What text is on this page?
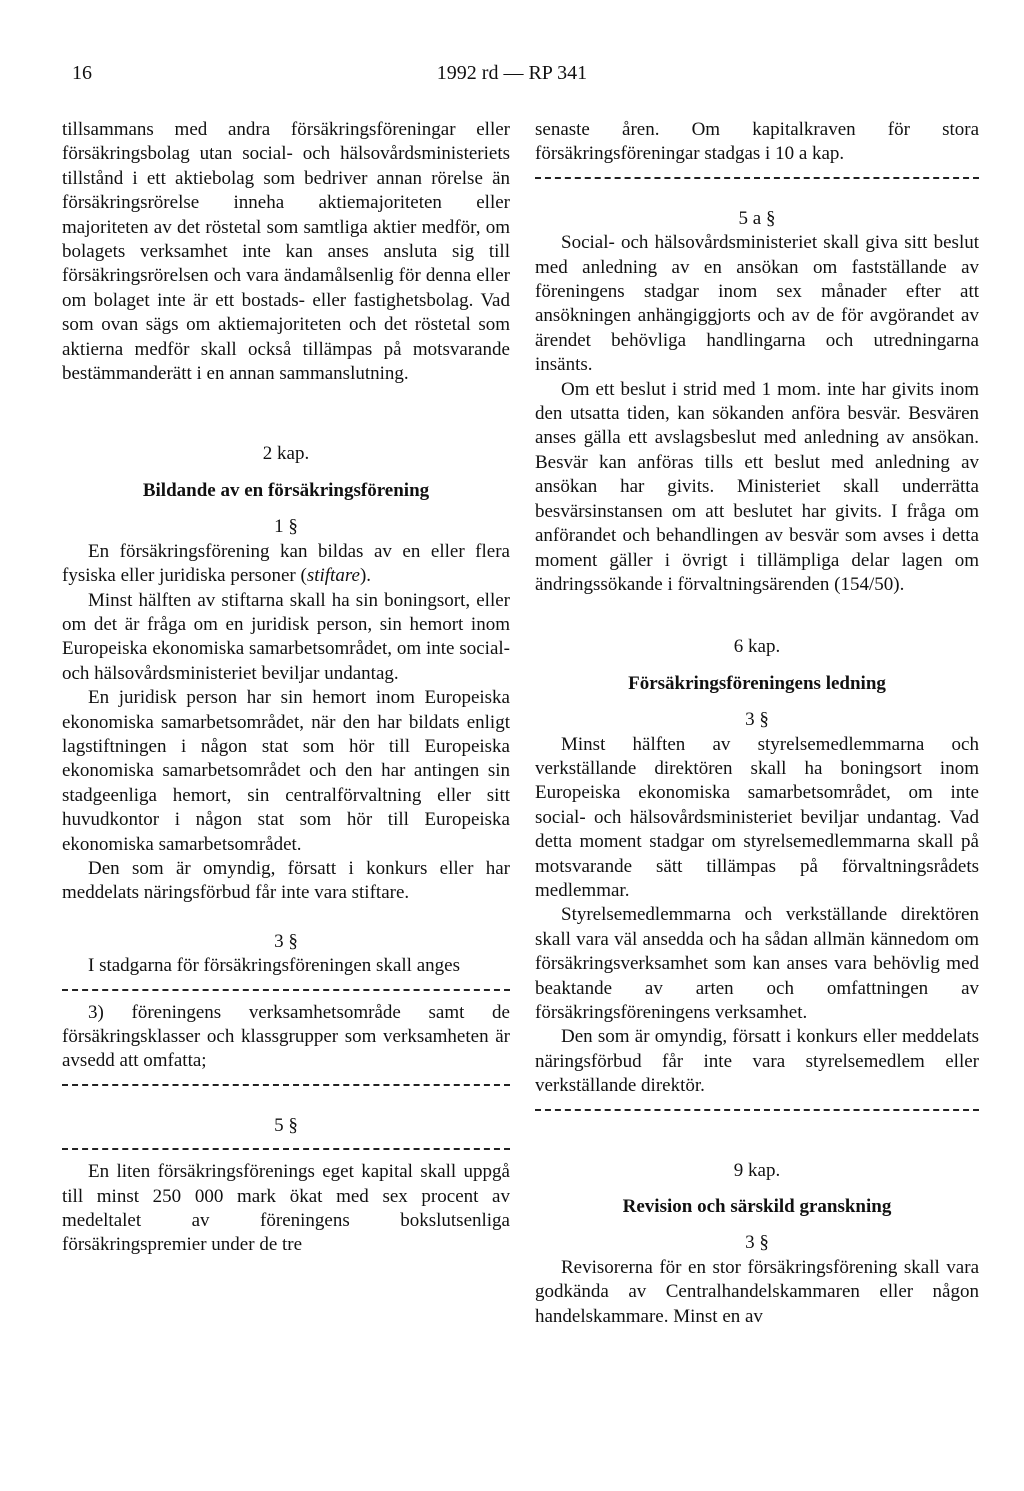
16	1992 rd — RP 341

tillsammans med andra försäkringsföreningar eller försäkringsbolag utan social- och hälsovårdsministeriets tillstånd i ett aktiebolag som bedriver annan rörelse än försäkringsrörelse inneha aktiemajoriteten eller majoriteten av det röstetal som samtliga aktier medför, om bolagets verksamhet inte kan anses ansluta sig till försäkringsrörelsen och vara ändamålsenlig för denna eller om bolaget inte är ett bostads- eller fastighetsbolag. Vad som ovan sägs om aktiemajoriteten och det röstetal som aktierna medför skall också tillämpas på motsvarande bestämmanderätt i en annan sammanslutning.

2 kap.
Bildande av en försäkringsförening
1 §

En försäkringsförening kan bildas av en eller flera fysiska eller juridiska personer (stiftare).

Minst hälften av stiftarna skall ha sin boningsort, eller om det är fråga om en juridisk person, sin hemort inom Europeiska ekonomiska samarbetsområdet, om inte social- och hälsovårdsministeriet beviljar undantag.

En juridisk person har sin hemort inom Europeiska ekonomiska samarbetsområdet, när den har bildats enligt lagstiftningen i någon stat som hör till Europeiska ekonomiska samarbetsområdet och den har antingen sin stadgeenliga hemort, sin centralförvaltning eller sitt huvudkontor i någon stat som hör till Europeiska ekonomiska samarbetsområdet.

Den som är omyndig, försatt i konkurs eller har meddelats näringsförbud får inte vara stiftare.

3 §

I stadgarna för försäkringsföreningen skall anges

3) föreningens verksamhetsområde samt de försäkringsklasser och klassgrupper som verksamheten är avsedd att omfatta;

5 §

En liten försäkringsförenings eget kapital skall uppgå till minst 250 000 mark ökat med sex procent av medeltalet av föreningens bokslutsenliga försäkringspremier under de tre

senaste åren. Om kapitalkraven för stora försäkringsföreningar stadgas i 10 a kap.

5 a §

Social- och hälsovårdsministeriet skall giva sitt beslut med anledning av en ansökan om fastställande av föreningens stadgar inom sex månader efter att ansökningen anhängiggjorts och av de för avgörandet av ärendet behövliga handlingarna och utredningarna insänts.

Om ett beslut i strid med 1 mom. inte har givits inom den utsatta tiden, kan sökanden anföra besvär. Besvären anses gälla ett avslagsbeslut med anledning av ansökan. Besvär kan anföras tills ett beslut med anledning av ansökan har givits. Ministeriet skall underrätta besvärsinstansen om att beslutet har givits. I fråga om anförandet och behandlingen av besvär som avses i detta moment gäller i övrigt i tillämpliga delar lagen om ändringssökande i förvaltningsärenden (154/50).

6 kap.
Försäkringsföreningens ledning
3 §

Minst hälften av styrelsemedlemmarna och verkställande direktören skall ha boningsort inom Europeiska ekonomiska samarbetsområdet, om inte social- och hälsovårdsministeriet beviljar undantag. Vad detta moment stadgar om styrelsemedlemmarna skall på motsvarande sätt tillämpas på förvaltningsrådets medlemmar.

Styrelsemedlemmarna och verkställande direktören skall vara väl ansedda och ha sådan allmän kännedom om försäkringsverksamhet som kan anses vara behövlig med beaktande av arten och omfattningen av försäkringsföreningens verksamhet.

Den som är omyndig, försatt i konkurs eller meddelats näringsförbud får inte vara styrelsemedlem eller verkställande direktör.

9 kap.
Revision och särskild granskning
3 §

Revisorerna för en stor försäkringsförening skall vara godkända av Centralhandelskammaren eller någon handelskammare. Minst en av
